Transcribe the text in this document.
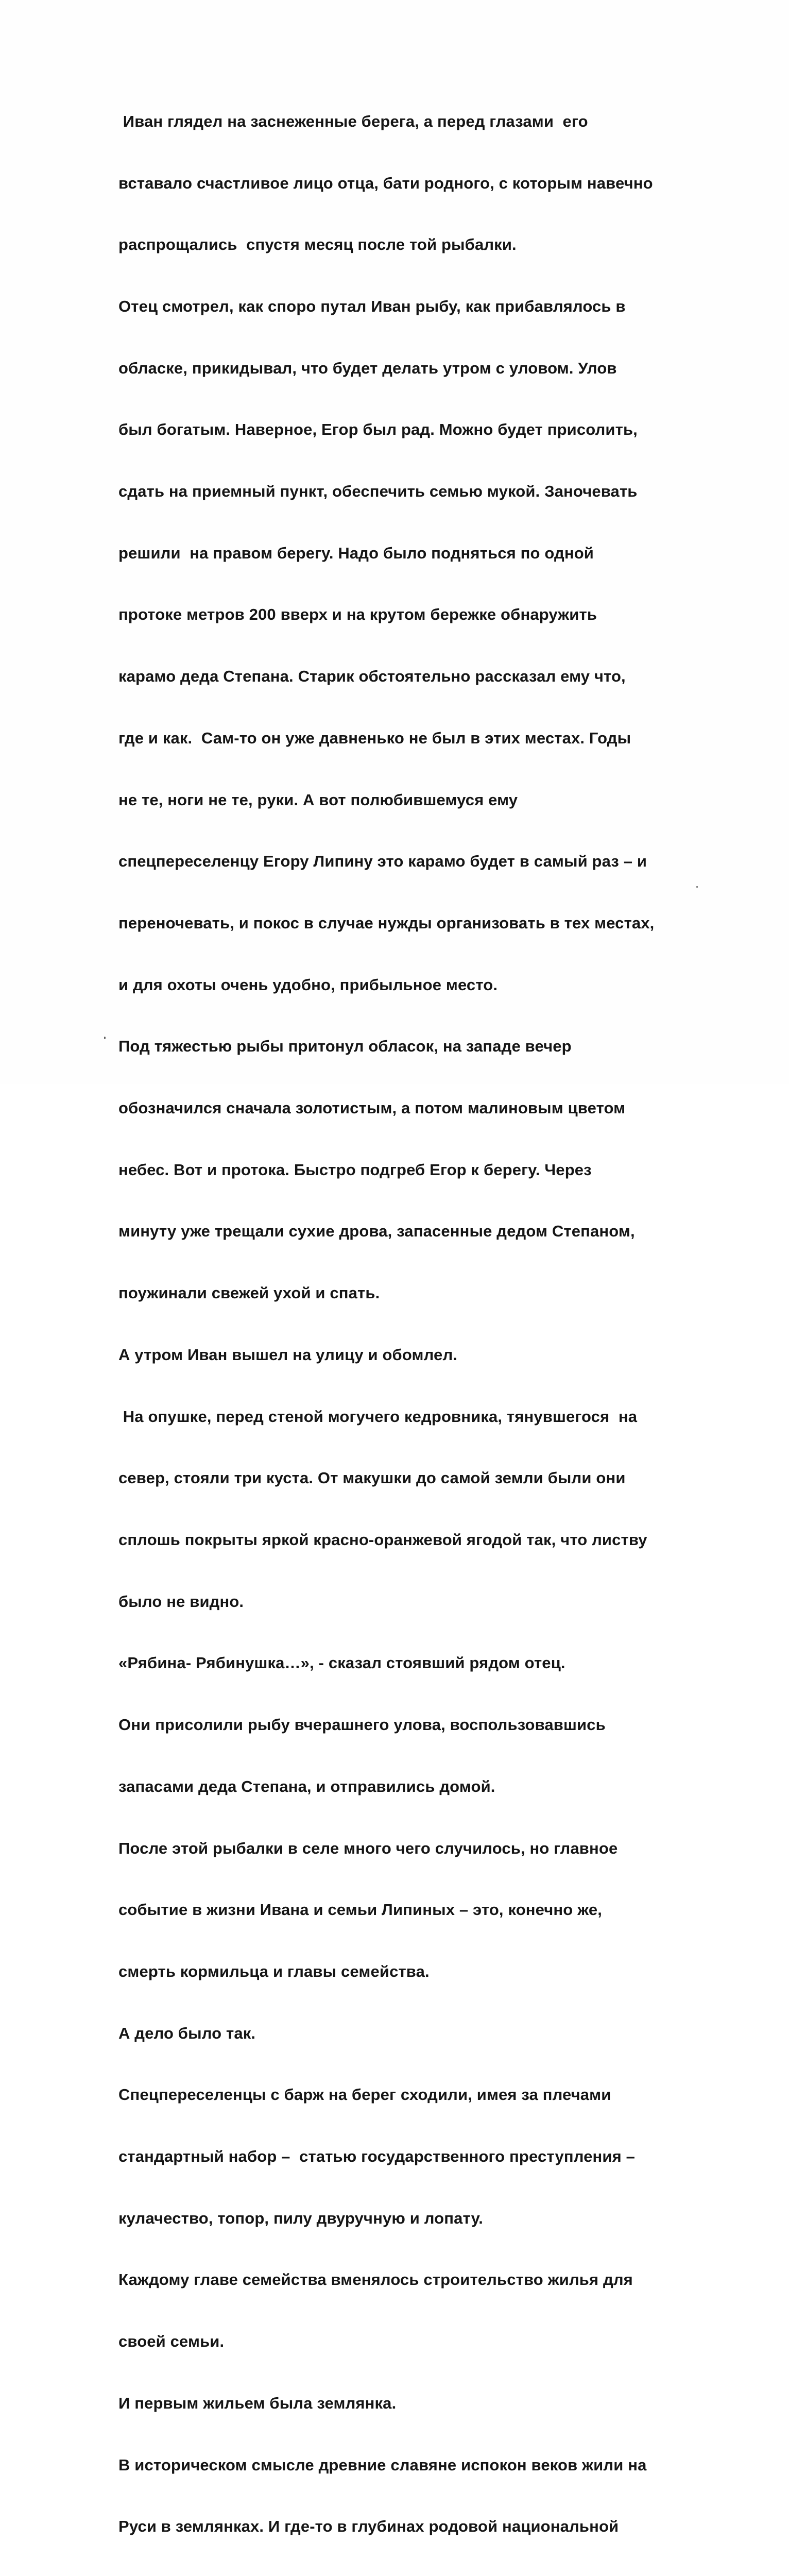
Иван глядел на заснеженные берега, а перед глазами  его

вставало счастливое лицо отца, бати родного, с которым навечно

распрощались  спустя месяц после той рыбалки.

Отец смотрел, как споро путал Иван рыбу, как прибавлялось в

обласке, прикидывал, что будет делать утром с уловом. Улов

был богатым. Наверное, Егор был рад. Можно будет присолить,

сдать на приемный пункт, обеспечить семью мукой. Заночевать

решили  на правом берегу. Надо было подняться по одной

протоке метров 200 вверх и на крутом бережке обнаружить

карамо деда Степана. Старик обстоятельно рассказал ему что,

где и как.  Сам-то он уже давненько не был в этих местах. Годы

не те, ноги не те, руки. А вот полюбившемуся ему

спецпереселенцу Егору Липину это карамо будет в самый раз – и

переночевать, и покос в случае нужды организовать в тех местах,

и для охоты очень удобно, прибыльное место.

Под тяжестью рыбы притонул обласок, на западе вечер

обозначился сначала золотистым, а потом малиновым цветом

небес. Вот и протока. Быстро подгреб Егор к берегу. Через

минуту уже трещали сухие дрова, запасенные дедом Степаном,

поужинали свежей ухой и спать.

А утром Иван вышел на улицу и обомлел.

На опушке, перед стеной могучего кедровника, тянувшегося  на

север, стояли три куста. От макушки до самой земли были они

сплошь покрыты яркой красно-оранжевой ягодой так, что листву

было не видно.

«Рябина- Рябинушка…», - сказал стоявший рядом отец.

Они присолили рыбу вчерашнего улова, воспользовавшись

запасами деда Степана, и отправились домой.

После этой рыбалки в селе много чего случилось, но главное

событие в жизни Ивана и семьи Липиных – это, конечно же,

смерть кормильца и главы семейства.

А дело было так.

Спецпереселенцы с барж на берег сходили, имея за плечами

стандартный набор –  статью государственного преступления –

кулачество, топор, пилу двуручную и лопату.

Каждому главе семейства вменялось строительство жилья для

своей семьи.

И первым жильем была землянка.

В историческом смысле древние славяне испокон веков жили на

Руси в землянках. И где-то в глубинах родовой национальной
